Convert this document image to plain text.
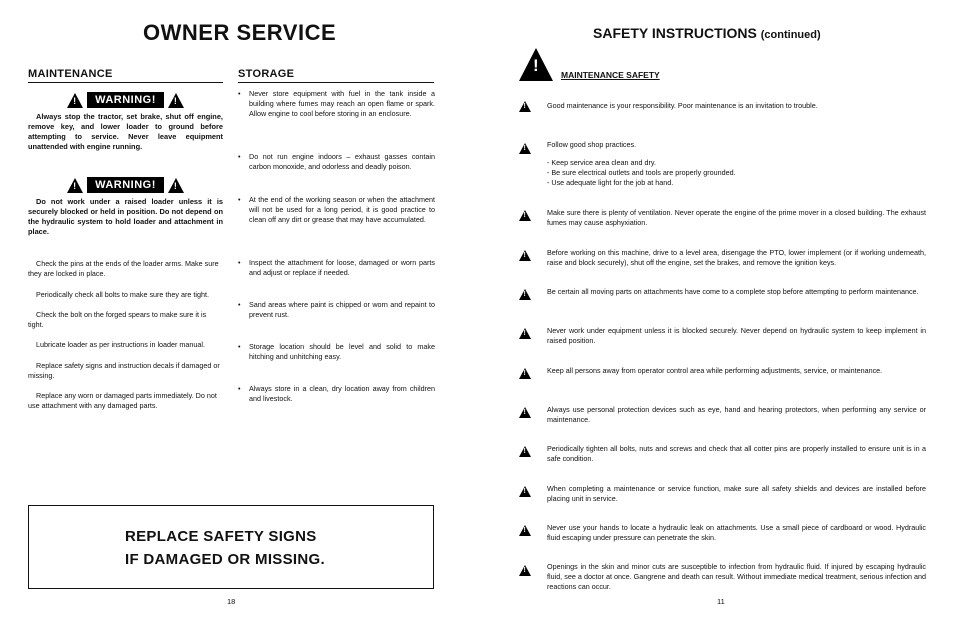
OWNER SERVICE
MAINTENANCE
!
WARNING!
!
Always stop the tractor, set brake, shut off engine, remove key, and lower loader to ground before attempting to service. Never leave equipment unattended with engine running.
!
WARNING!
!
Do not work under a raised loader unless it is securely blocked or held in position. Do not depend on the hydraulic system to hold loader and attachment in place.
Check the pins at the ends of the loader arms. Make sure they are locked in place.
Periodically check all bolts to make sure they are tight.
Check the bolt on the forged spears to make sure it is tight.
Lubricate loader as per instructions in loader manual.
Replace safety signs and instruction decals if damaged or missing.
Replace any worn or damaged parts immediately. Do not use attachment with any damaged parts.
STORAGE
• Never store equipment with fuel in the tank inside a building where fumes may reach an open flame or spark. Allow engine to cool before storing in an enclosure.
• Do not run engine indoors – exhaust gasses contain carbon monoxide, and odorless and deadly poison.
• At the end of the working season or when the attachment will not be used for a long period, it is good practice to clean off any dirt or grease that may have accumulated.
• Inspect the attachment for loose, damaged or worn parts and adjust or replace if needed.
• Sand areas where paint is chipped or worn and repaint to prevent rust.
• Storage location should be level and solid to make hitching and unhitching easy.
• Always store in a clean, dry location away from children and livestock.
REPLACE SAFETY SIGNS
IF DAMAGED OR MISSING.
18
SAFETY INSTRUCTIONS (continued)
!
MAINTENANCE SAFETY
!
Good maintenance is your responsibility. Poor maintenance is an invitation to trouble.
!
Follow good shop practices.
- Keep service area clean and dry.
- Be sure electrical outlets and tools are properly grounded.
- Use adequate light for the job at hand.
!
Make sure there is plenty of ventilation. Never operate the engine of the prime mover in a closed building. The exhaust fumes may cause asphyxiation.
!
Before working on this machine, drive to a level area, disengage the PTO, lower implement (or if working underneath, raise and block securely), shut off the engine, set the brakes, and remove the ignition keys.
!
Be certain all moving parts on attachments have come to a complete stop before attempting to perform maintenance.
!
Never work under equipment unless it is blocked securely. Never depend on hydraulic system to keep implement in raised position.
!
Keep all persons away from operator control area while performing adjustments, service, or maintenance.
!
Always use personal protection devices such as eye, hand and hearing protectors, when performing any service or maintenance.
!
Periodically tighten all bolts, nuts and screws and check that all cotter pins are properly installed to ensure unit is in a safe condition.
!
When completing a maintenance or service function, make sure all safety shields and devices are installed before placing unit in service.
!
Never use your hands to locate a hydraulic leak on attachments. Use a small piece of cardboard or wood. Hydraulic fluid escaping under pressure can penetrate the skin.
!
Openings in the skin and minor cuts are susceptible to infection from hydraulic fluid. If injured by escaping hydraulic fluid, see a doctor at once. Gangrene and death can result. Without immediate medical treatment, serious infection and reactions can occur.
11
